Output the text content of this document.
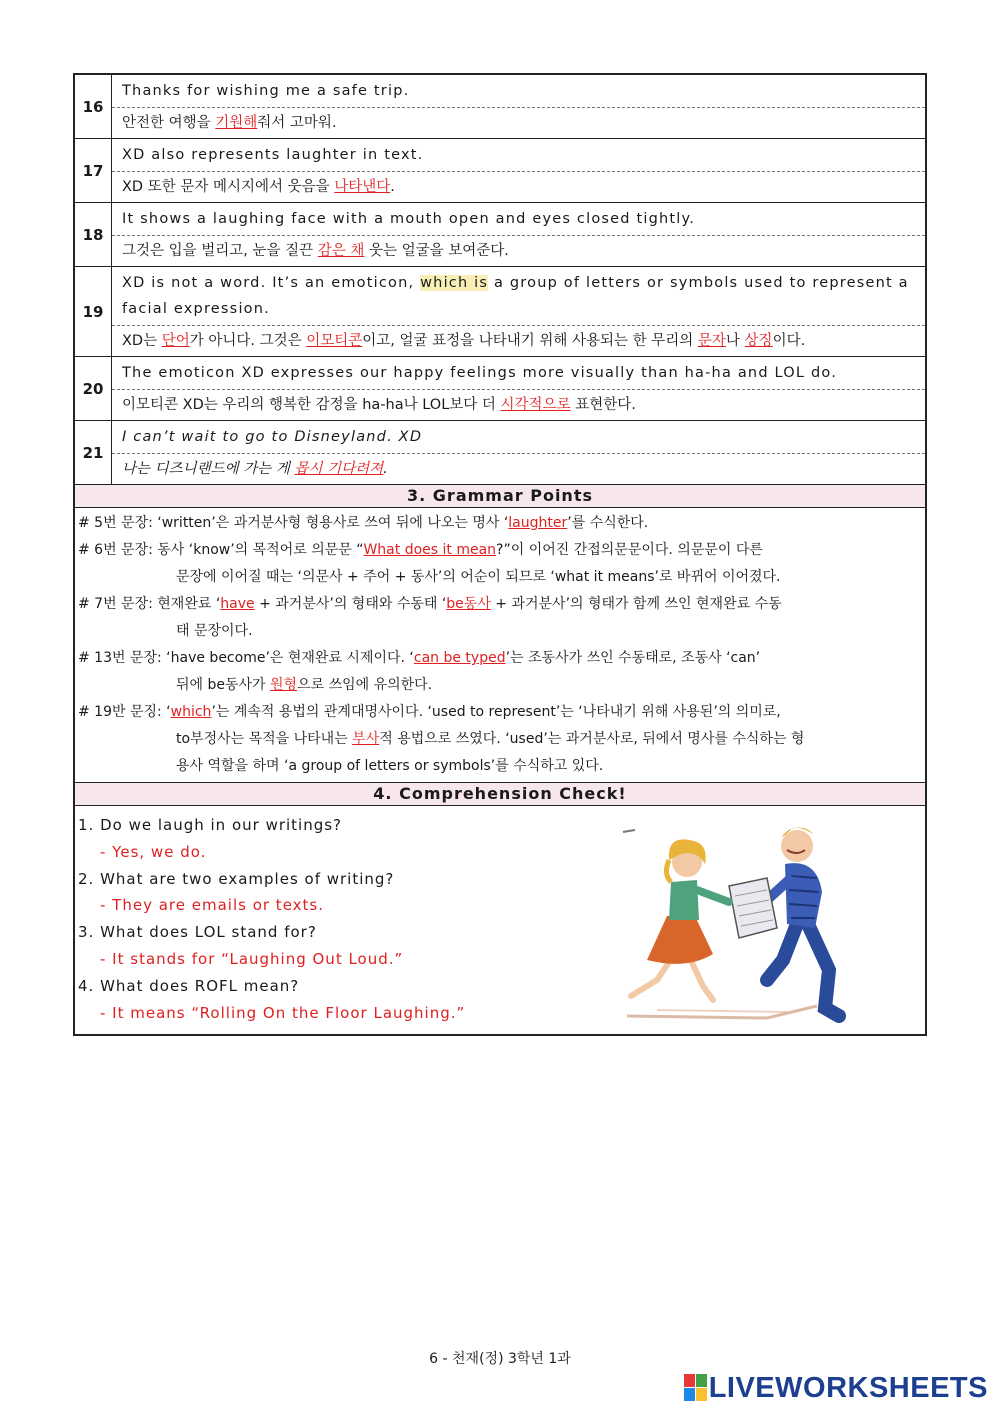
16	Thanks for wishing me a safe trip.
안전한 여행을 기원해줘서 고마워.

17	XD also represents laughter in text.
XD 또한 문자 메시지에서 웃음을 나타낸다.

18	It shows a laughing face with a mouth open and eyes closed tightly.
그것은 입을 벌리고, 눈을 질끈 감은 채 웃는 얼굴을 보여준다.

19	XD is not a word. It’s an emoticon, which is a group of letters or symbols used to represent a facial expression.
XD는 단어가 아니다. 그것은 이모티콘이고, 얼굴 표정을 나타내기 위해 사용되는 한 무리의 문자나 상징이다.

20	The emoticon XD expresses our happy feelings more visually than ha-ha and LOL do.
이모티콘 XD는 우리의 행복한 감정을 ha-ha나 LOL보다 더 시각적으로 표현한다.

21	I can’t wait to go to Disneyland. XD
나는 디즈니랜드에 가는 게 몹시 기다려져.
3. Grammar Points
# 5번 문장: ‘written’은 과거분사형 형용사로 쓰여 뒤에 나오는 명사 ‘laughter’를 수식한다.
# 6번 문장: 동사 ‘know’의 목적어로 의문문 “What does it mean?”이 이어진 간접의문문이다. 의문문이 다른
문장에 이어질 때는 ‘의문사 + 주어 + 동사’의 어순이 되므로 ‘what it means’로 바뀌어 이어졌다.
# 7번 문장: 현재완료 ‘have + 과거분사’의 형태와 수동태 ‘be동사 + 과거분사’의 형태가 함께 쓰인 현재완료 수동
태 문장이다.
# 13번 문장: ‘have become’은 현재완료 시제이다. ‘can be typed’는 조동사가 쓰인 수동태로, 조동사 ‘can’
뒤에 be동사가 원형으로 쓰임에 유의한다.
# 19반 문징: ‘which’는 계속적 용법의 관계대명사이다. ‘used to represent’는 ‘나타내기 위해 사용된’의 의미로,
to부정사는 목적을 나타내는 부사적 용법으로 쓰였다. ‘used’는 과거분사로, 뒤에서 명사를 수식하는 형
용사 역할을 하며 ‘a group of letters or symbols’를 수식하고 있다.
4. Comprehension Check!
1. Do we laugh in our writings?
- Yes, we do.
2. What are two examples of writing?
- They are emails or texts.
3. What does LOL stand for?
- It stands for “Laughing Out Loud.”
4. What does ROFL mean?
- It means “Rolling On the Floor Laughing.”
6 - 천재(정) 3학년 1과
LIVEWORKSHEETS
